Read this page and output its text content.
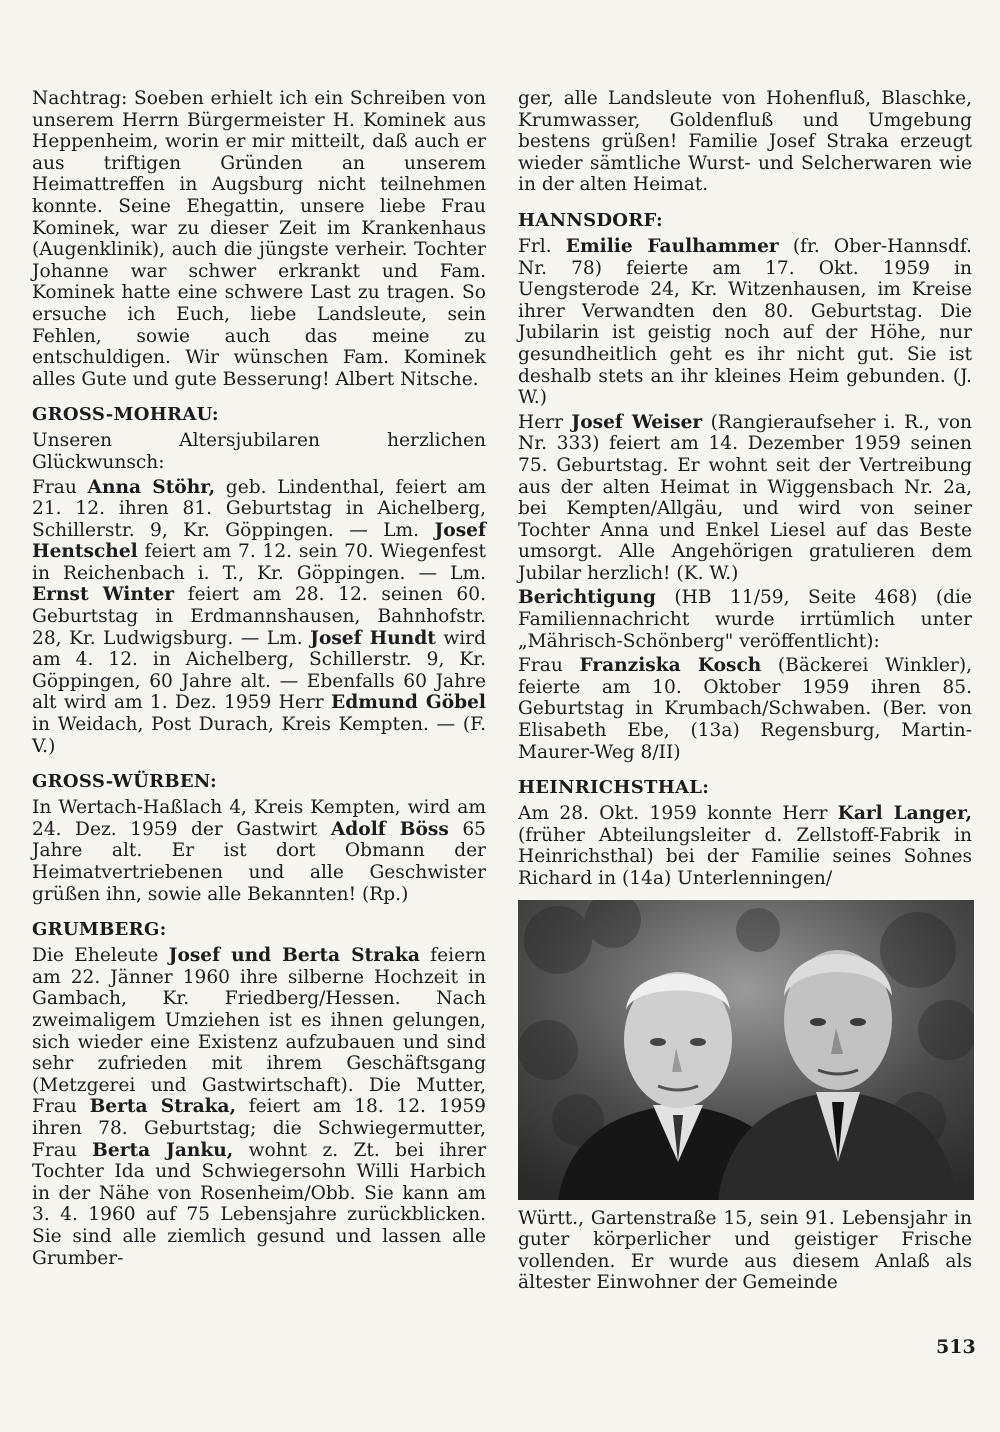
Nachtrag: Soeben erhielt ich ein Schreiben von unserem Herrn Bürgermeister H. Kominek aus Heppenheim, worin er mir mitteilt, daß auch er aus triftigen Gründen an unserem Heimattreffen in Augsburg nicht teilnehmen konnte. Seine Ehegattin, unsere liebe Frau Kominek, war zu dieser Zeit im Krankenhaus (Augenklinik), auch die jüngste verheir. Tochter Johanne war schwer erkrankt und Fam. Kominek hatte eine schwere Last zu tragen. So ersuche ich Euch, liebe Landsleute, sein Fehlen, sowie auch das meine zu entschuldigen. Wir wünschen Fam. Kominek alles Gute und gute Besserung! Albert Nitsche.

GROSS-MOHRAU:

Unseren Altersjubilaren herzlichen Glückwunsch:

Frau Anna Stöhr, geb. Lindenthal, feiert am 21. 12. ihren 81. Geburtstag in Aichelberg, Schillerstr. 9, Kr. Göppingen. — Lm. Josef Hentschel feiert am 7. 12. sein 70. Wiegenfest in Reichenbach i. T., Kr. Göppingen. — Lm. Ernst Winter feiert am 28. 12. seinen 60. Geburtstag in Erdmannshausen, Bahnhofstr. 28, Kr. Ludwigsburg. — Lm. Josef Hundt wird am 4. 12. in Aichelberg, Schillerstr. 9, Kr. Göppingen, 60 Jahre alt. — Ebenfalls 60 Jahre alt wird am 1. Dez. 1959 Herr Edmund Göbel in Weidach, Post Durach, Kreis Kempten. — (F. V.)

GROSS-WÜRBEN:

In Wertach-Haßlach 4, Kreis Kempten, wird am 24. Dez. 1959 der Gastwirt Adolf Böss 65 Jahre alt. Er ist dort Obmann der Heimatvertriebenen und alle Geschwister grüßen ihn, sowie alle Bekannten! (Rp.)

GRUMBERG:

Die Eheleute Josef und Berta Straka feiern am 22. Jänner 1960 ihre silberne Hochzeit in Gambach, Kr. Friedberg/Hessen. Nach zweimaligem Umziehen ist es ihnen gelungen, sich wieder eine Existenz aufzubauen und sind sehr zufrieden mit ihrem Geschäftsgang (Metzgerei und Gastwirtschaft). Die Mutter, Frau Berta Straka, feiert am 18. 12. 1959 ihren 78. Geburtstag; die Schwiegermutter, Frau Berta Janku, wohnt z. Zt. bei ihrer Tochter Ida und Schwiegersohn Willi Harbich in der Nähe von Rosenheim/Obb. Sie kann am 3. 4. 1960 auf 75 Lebensjahre zurückblicken. Sie sind alle ziemlich gesund und lassen alle Grumber-

ger, alle Landsleute von Hohenfluß, Blaschke, Krumwasser, Goldenfluß und Umgebung bestens grüßen! Familie Josef Straka erzeugt wieder sämtliche Wurst- und Selcherwaren wie in der alten Heimat.

HANNSDORF:

Frl. Emilie Faulhammer (fr. Ober-Hannsdf. Nr. 78) feierte am 17. Okt. 1959 in Uengsterode 24, Kr. Witzenhausen, im Kreise ihrer Verwandten den 80. Geburtstag. Die Jubilarin ist geistig noch auf der Höhe, nur gesundheitlich geht es ihr nicht gut. Sie ist deshalb stets an ihr kleines Heim gebunden. (J. W.)

Herr Josef Weiser (Rangieraufseher i. R., von Nr. 333) feiert am 14. Dezember 1959 seinen 75. Geburtstag. Er wohnt seit der Vertreibung aus der alten Heimat in Wiggensbach Nr. 2a, bei Kempten/Allgäu, und wird von seiner Tochter Anna und Enkel Liesel auf das Beste umsorgt. Alle Angehörigen gratulieren dem Jubilar herzlich! (K. W.)

Berichtigung (HB 11/59, Seite 468) (die Familiennachricht wurde irrtümlich unter „Mährisch-Schönberg" veröffentlicht):

Frau Franziska Kosch (Bäckerei Winkler), feierte am 10. Oktober 1959 ihren 85. Geburtstag in Krumbach/Schwaben. (Ber. von Elisabeth Ebe, (13a) Regensburg, Martin-Maurer-Weg 8/II)

HEINRICHSTHAL:

Am 28. Okt. 1959 konnte Herr Karl Langer, (früher Abteilungsleiter d. Zellstoff-Fabrik in Heinrichsthal) bei der Familie seines Sohnes Richard in (14a) Unterlenningen/

Württ., Gartenstraße 15, sein 91. Lebensjahr in guter körperlicher und geistiger Frische vollenden. Er wurde aus diesem Anlaß als ältester Einwohner der Gemeinde

513
